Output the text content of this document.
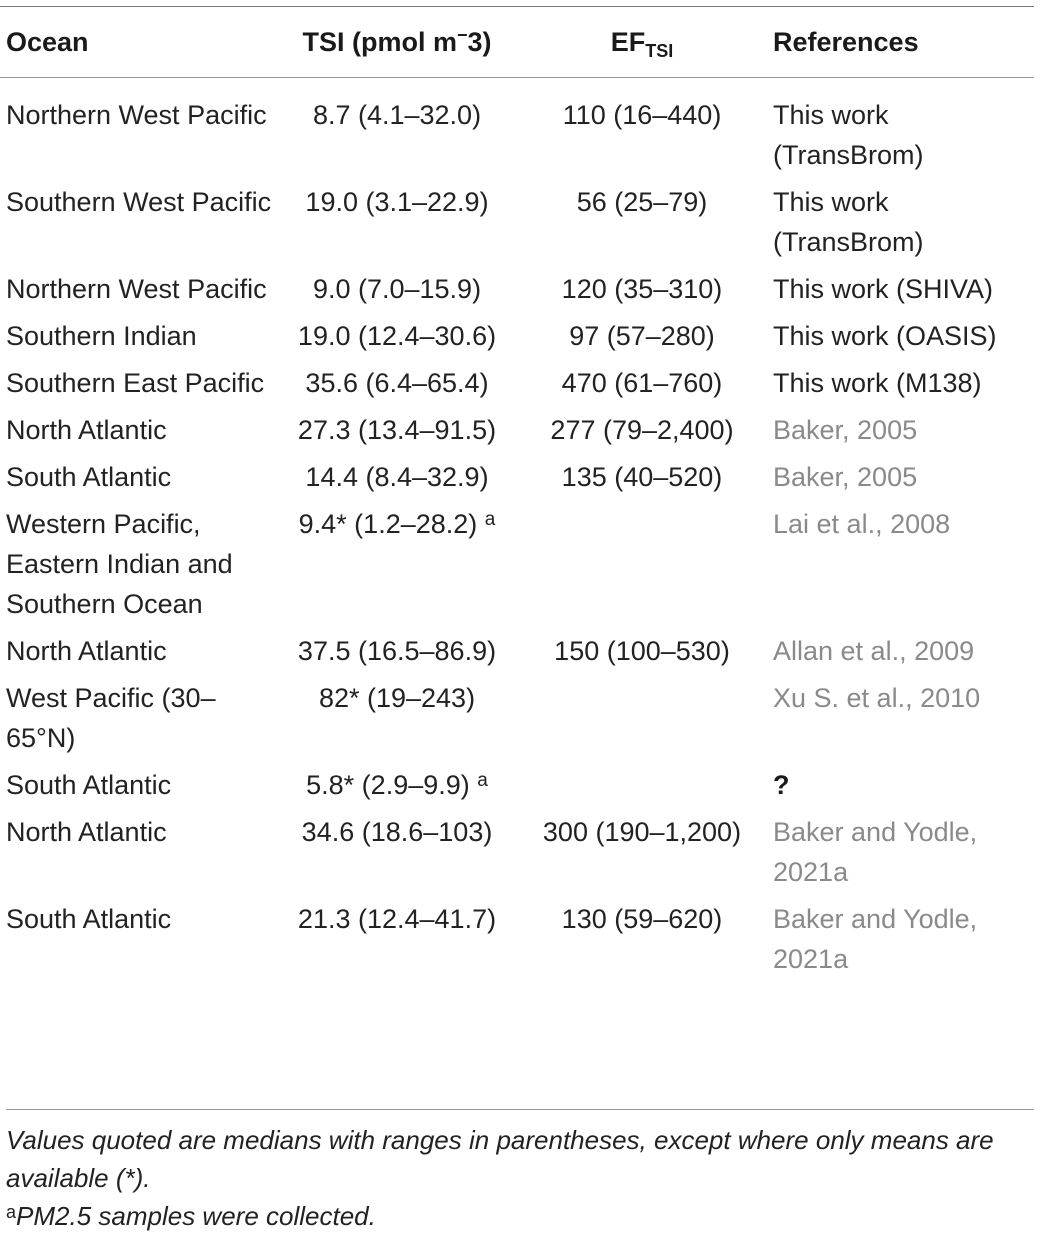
Ocean	TSI (pmol m−3)	$EF_{TSI}$	References
Northern West Pacific	8.7 (4.1–32.0)	110 (16–440)	This work (TransBrom)
Southern West Pacific	19.0 (3.1–22.9)	56 (25–79)	This work (TransBrom)
Northern West Pacific	9.0 (7.0–15.9)	120 (35–310)	This work (SHIVA)
Southern Indian	19.0 (12.4–30.6)	97 (57–280)	This work (OASIS)
Southern East Pacific	35.6 (6.4–65.4)	470 (61–760)	This work (M138)
North Atlantic	27.3 (13.4–91.5)	277 (79–2,400)	Baker, 2005
South Atlantic	14.4 (8.4–32.9)	135 (40–520)	Baker, 2005
Western Pacific, Eastern Indian and Southern Ocean	9.4* (1.2–28.2) $^a$		Lai et al., 2008
North Atlantic	37.5 (16.5–86.9)	150 (100–530)	Allan et al., 2009
West Pacific (30–65°N)	82* (19–243)		Xu S. et al., 2010
South Atlantic	5.8* (2.9–9.9) $^a$		?
North Atlantic	34.6 (18.6–103)	300 (190–1,200)	Baker and Yodle, 2021a
South Atlantic	21.3 (12.4–41.7)	130 (59–620)	Baker and Yodle, 2021a
Values quoted are medians with ranges in parentheses, except where only means are available (*).
$^a$PM2.5 samples were collected.
